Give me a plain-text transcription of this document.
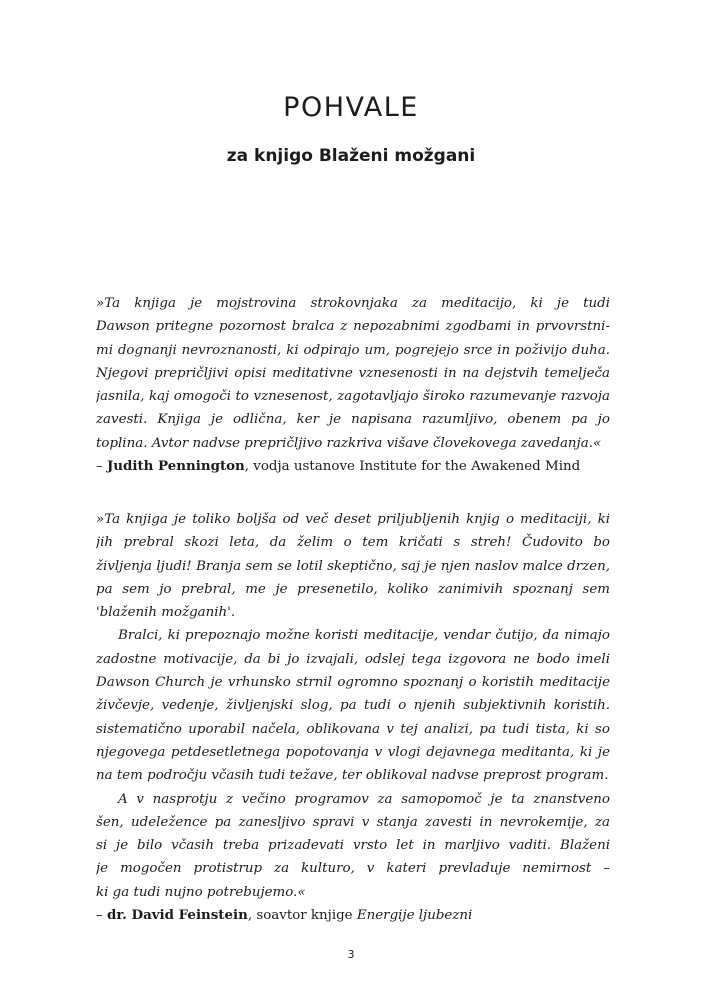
POHVALE
za knjigo Blaženi možgani
»Ta knjiga je mojstrovina strokovnjaka za meditacijo, ki je tudi
Dawson pritegne pozornost bralca z nepozabnimi zgodbami in prvovrstni-
mi dognanji nevroznanosti, ki odpirajo um, pogrejejo srce in poživijo duha.
Njegovi prepričljivi opisi meditativne vznesenosti in na dejstvih temelječa
jasnila, kaj omogoči to vznesenost, zagotavljajo široko razumevanje razvoja
zavesti. Knjiga je odlična, ker je napisana razumljivo, obenem pa jo
toplina. Avtor nadvse prepričljivo razkriva višave človekovega zavedanja.«
– Judith Pennington, vodja ustanove Institute for the Awakened Mind
»Ta knjiga je toliko boljša od več deset priljubljenih knjig o meditaciji, ki
jih prebral skozi leta, da želim o tem kričati s streh! Čudovito bo
življenja ljudi! Branja sem se lotil skeptično, saj je njen naslov malce drzen,
pa sem jo prebral, me je presenetilo, koliko zanimivih spoznanj sem
'blaženih možganih'.
Bralci, ki prepoznajo možne koristi meditacije, vendar čutijo, da nimajo
zadostne motivacije, da bi jo izvajali, odslej tega izgovora ne bodo imeli
Dawson Church je vrhunsko strnil ogromno spoznanj o koristih meditacije
živčevje, vedenje, življenjski slog, pa tudi o njenih subjektivnih koristih.
sistematično uporabil načela, oblikovana v tej analizi, pa tudi tista, ki so
njegovega petdesetletnega popotovanja v vlogi dejavnega meditanta, ki je
na tem področju včasih tudi težave, ter oblikoval nadvse preprost program.
A v nasprotju z večino programov za samopomoč je ta znanstveno
šen, udeležence pa zanesljivo spravi v stanja zavesti in nevrokemije, za
si je bilo včasih treba prizadevati vrsto let in marljivo vaditi. Blaženi
je mogočen protistrup za kulturo, v kateri prevladuje nemirnost –
ki ga tudi nujno potrebujemo.«
– dr. David Feinstein, soavtor knjige Energije ljubezni
3
